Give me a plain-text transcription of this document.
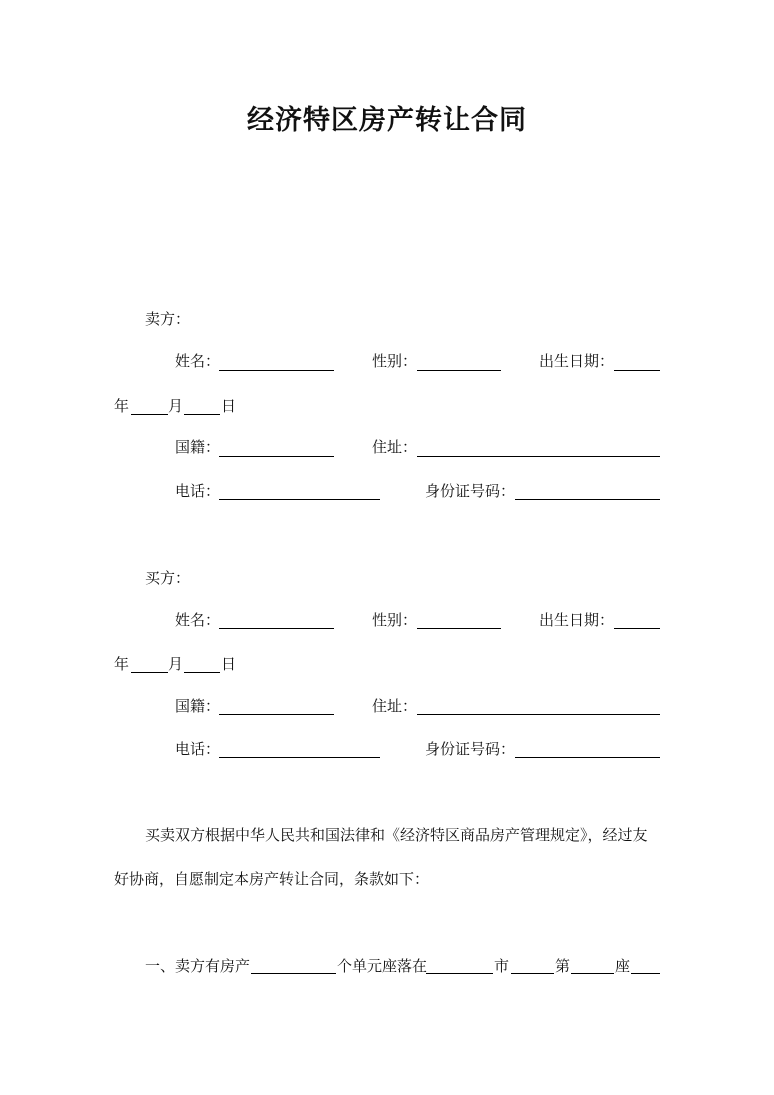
经济特区房产转让合同
卖方：
姓名：	性别：	出生日期：
年	月	日
国籍：	住址：
电话：	身份证号码：
买方：
姓名：	性别：	出生日期：
年	月	日
国籍：	住址：
电话：	身份证号码：
买卖双方根据中华人民共和国法律和《经济特区商品房产管理规定》，经过友
好协商，自愿制定本房产转让合同，条款如下：
一、卖方有房产	个单元座落在	市	第	座
